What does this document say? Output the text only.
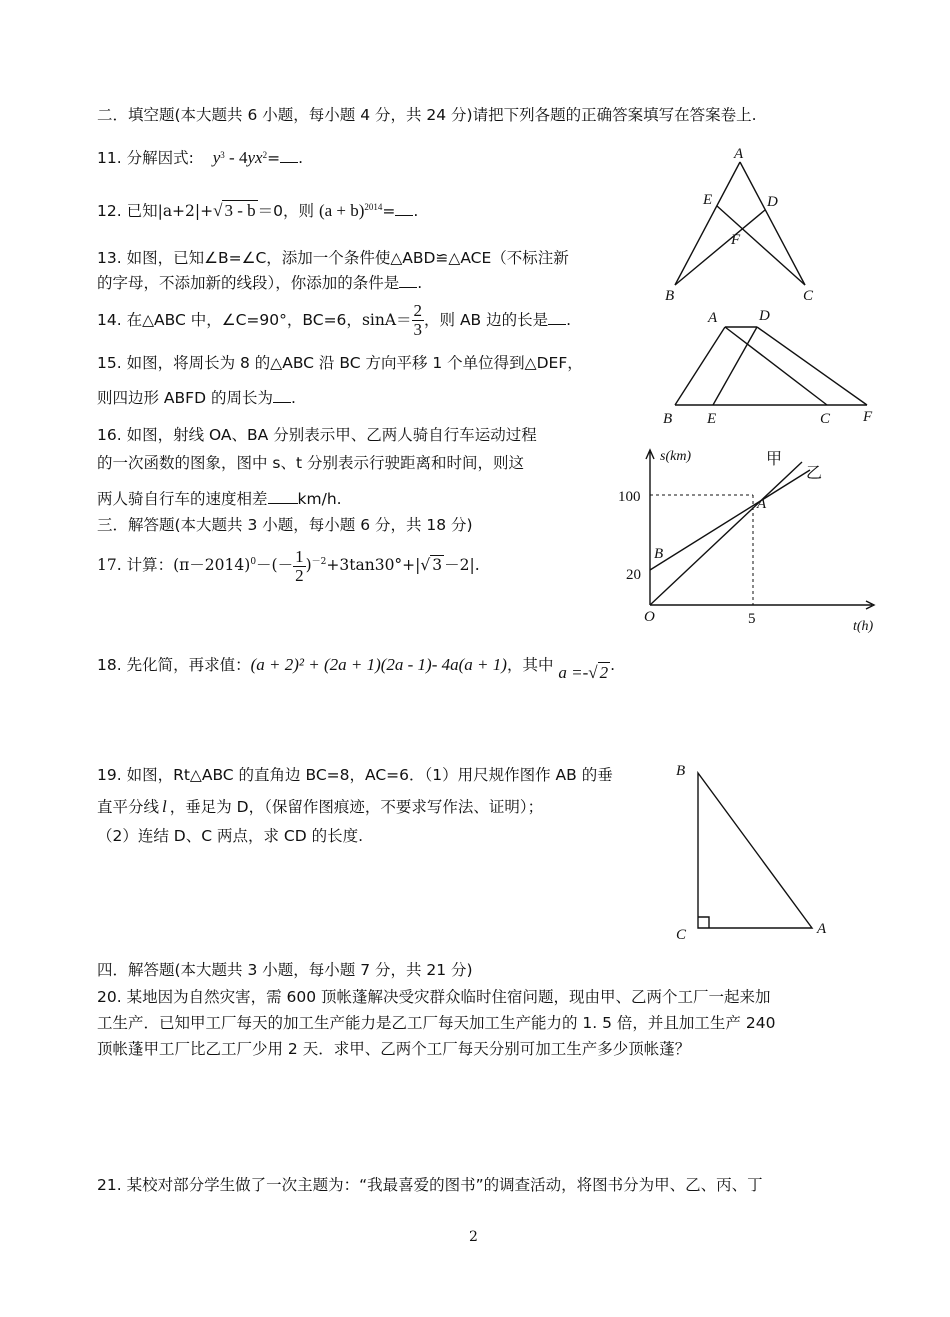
二．填空题(本大题共 6 小题，每小题 4 分，共 24 分)请把下列各题的正确答案填写在答案卷上.
11. 分解因式: $y^3 - 4yx^2=$ .
12. 已知|a+2|+√ 3 - b ＝0，则 $(a + b)^{2014}=$ .
13. 如图，已知∠B=∠C，添加一个条件使△ABD≌△ACE（不标注新
的字母，不添加新的线段），你添加的条件是 .
14. 在△ABC 中，∠C=90°，BC=6，$\sin A= \frac{2}{3}$ ，则 AB 边的长是 .
15. 如图，将周长为 8 的△ABC 沿 BC 方向平移 1 个单位得到△DEF，
则四边形 ABFD 的周长为 .
16. 如图，射线 OA、BA 分别表示甲、乙两人骑自行车运动过程
的一次函数的图象，图中 s、t 分别表示行驶距离和时间，则这
两人骑自行车的速度相差 km/h.
三．解答题(本大题共 3 小题，每小题 6 分，共 18 分)
17. 计算：$(\pi-2014)^0-(- \frac{1}{2} )^{-2}+3\tan 30^\circ+|√$ 3 －2|.
18. 先化简，再求值：(a + 2)² + (2a + 1)(2a - 1)- 4a(a + 1)，其中 a =-√ 2 .
19. 如图，Rt△ABC 的直角边 BC=8，AC=6．（1）用尺规作图作 AB 的垂
直平分线 l ，垂足为 D，（保留作图痕迹，不要求写作法、证明）；
（2）连结 D、C 两点，求 CD 的长度.
四．解答题(本大题共 3 小题，每小题 7 分，共 21 分)
20. 某地因为自然灾害，需 600 顶帐蓬解决受灾群众临时住宿问题，现由甲、乙两个工厂一起来加
工生产．已知甲工厂每天的加工生产能力是乙工厂每天加工生产能力的 1. 5 倍，并且加工生产 240
顶帐蓬甲工厂比乙工厂少用 2 天．求甲、乙两个工厂每天分别可加工生产多少顶帐蓬？
21. 某校对部分学生做了一次主题为：“我最喜爱的图书”的调查活动，将图书分为甲、乙、丙、丁
2
A
B	C
D
E
F
A	D
B E	C F
s(km)
t(h)
100
20
5
O
A
B
甲
乙
B
C	A
